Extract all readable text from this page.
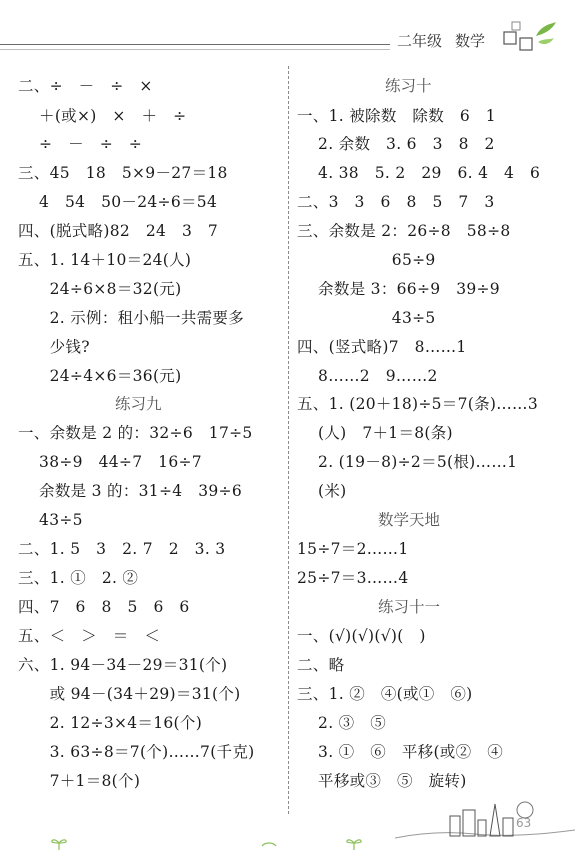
二年级 数学
二、÷　－　÷　×
　 ＋(或×)　×　＋　÷
　 ÷　－　÷　÷
三、45　18　5×9－27＝18
　 4　54　50－24÷6＝54
四、(脱式略)82　24　3　7
五、1. 14＋10＝24(人)
　　24÷6×8＝32(元)
　　2. 示例：租小船一共需要多
　　少钱?
　　24÷4×6＝36(元)
练习九
一、余数是 2 的：32÷6　17÷5
　 38÷9　44÷7　16÷7
　 余数是 3 的：31÷4　39÷6
　 43÷5
二、1. 5　3　2. 7　2　3. 3
三、1. ①　2. ②
四、7　6　8　5　6　6
五、＜　＞　＝　＜
六、1. 94－34－29＝31(个)
　　或 94－(34＋29)＝31(个)
　　2. 12÷3×4＝16(个)
　　3. 63÷8＝7(个)……7(千克)
　　7＋1＝8(个)
练习十
一、1. 被除数　除数　6　1
　 2. 余数　3. 6　3　8　2
　 4. 38　5. 2　29　6. 4　4　6
二、3　3　6　8　5　7　3
三、余数是 2：26÷8　58÷8
　　　　　　65÷9
　 余数是 3：66÷9　39÷9
　　　　　　43÷5
四、(竖式略)7　8……1
　 8……2　9……2
五、1. (20＋18)÷5＝7(条)……3
　 (人)　7＋1＝8(条)
　 2. (19－8)÷2＝5(根)……1
　 (米)
数学天地
15÷7＝2……1
25÷7＝3……4
练习十一
一、(√)(√)(√)(　)
二、略
三、1. ②　④(或①　⑥)
　 2. ③　⑤
　 3. ①　⑥　平移(或②　④
　 平移或③　⑤　旋转)
63
